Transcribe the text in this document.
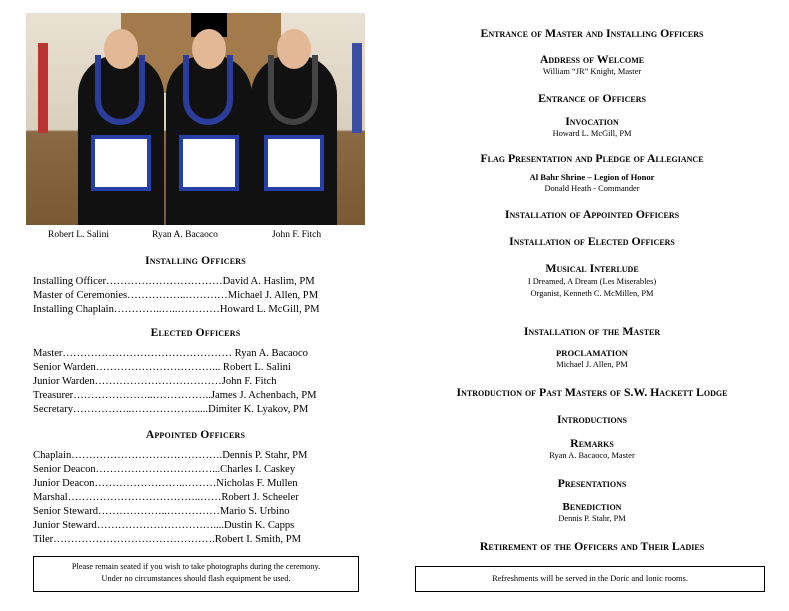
Robert L. Salini	Ryan A. Bacaoco	John F. Fitch
Installing Officers
Installing Officer……………………………David A. Haslim, PM
Master of Ceremonies……………..…………Michael J. Allen, PM
Installing Chaplain…………..…..…………Howard L. McGill, PM
Elected Officers
Master………………………………………… Ryan A. Bacaoco
Senior Warden……………………………... Robert L. Salini
Junior Warden………………………………John F. Fitch
Treasurer…………………..……………..James J. Achenbach, PM
Secretary……………..……………….....Dimiter K. Lyakov, PM
Appointed Officers
Chaplain…………………………………….Dennis P. Stahr, PM
Senior Deacon……………………………...Charles I. Caskey
Junior Deacon……………………..………Nicholas F. Mullen
Marshal………………………………..……Robert J. Scheeler
Senior Steward………………..……………Mario S. Urbino
Junior Steward……………………………....Dustin K. Capps
Tiler……………………………………….Robert I. Smith, PM
Please remain seated if you wish to take photographs during the ceremony.
Under no circumstances should flash equipment be used.
Entrance of Master and Installing Officers
Address of Welcome
William “JR” Knight, Master
Entrance of Officers
Invocation
Howard L. McGill, PM
Flag Presentation and Pledge of Allegiance
Al Bahr Shrine – Legion of Honor
Donald Heath - Commander
Installation of Appointed Officers
Installation of Elected Officers
Musical Interlude
I Dreamed, A Dream (Les Miserables)
Organist, Kenneth C. McMillen, PM
Installation of the Master
PROCLAMATION
Michael J. Allen, PM
Introduction of Past Masters of S.W. Hackett Lodge
Introductions
Remarks
Ryan A. Bacaoco, Master
Presentations
Benediction
Dennis P. Stahr, PM
Retirement of the Officers and Their Ladies
Refreshments will be served in the Doric and Ionic rooms.
